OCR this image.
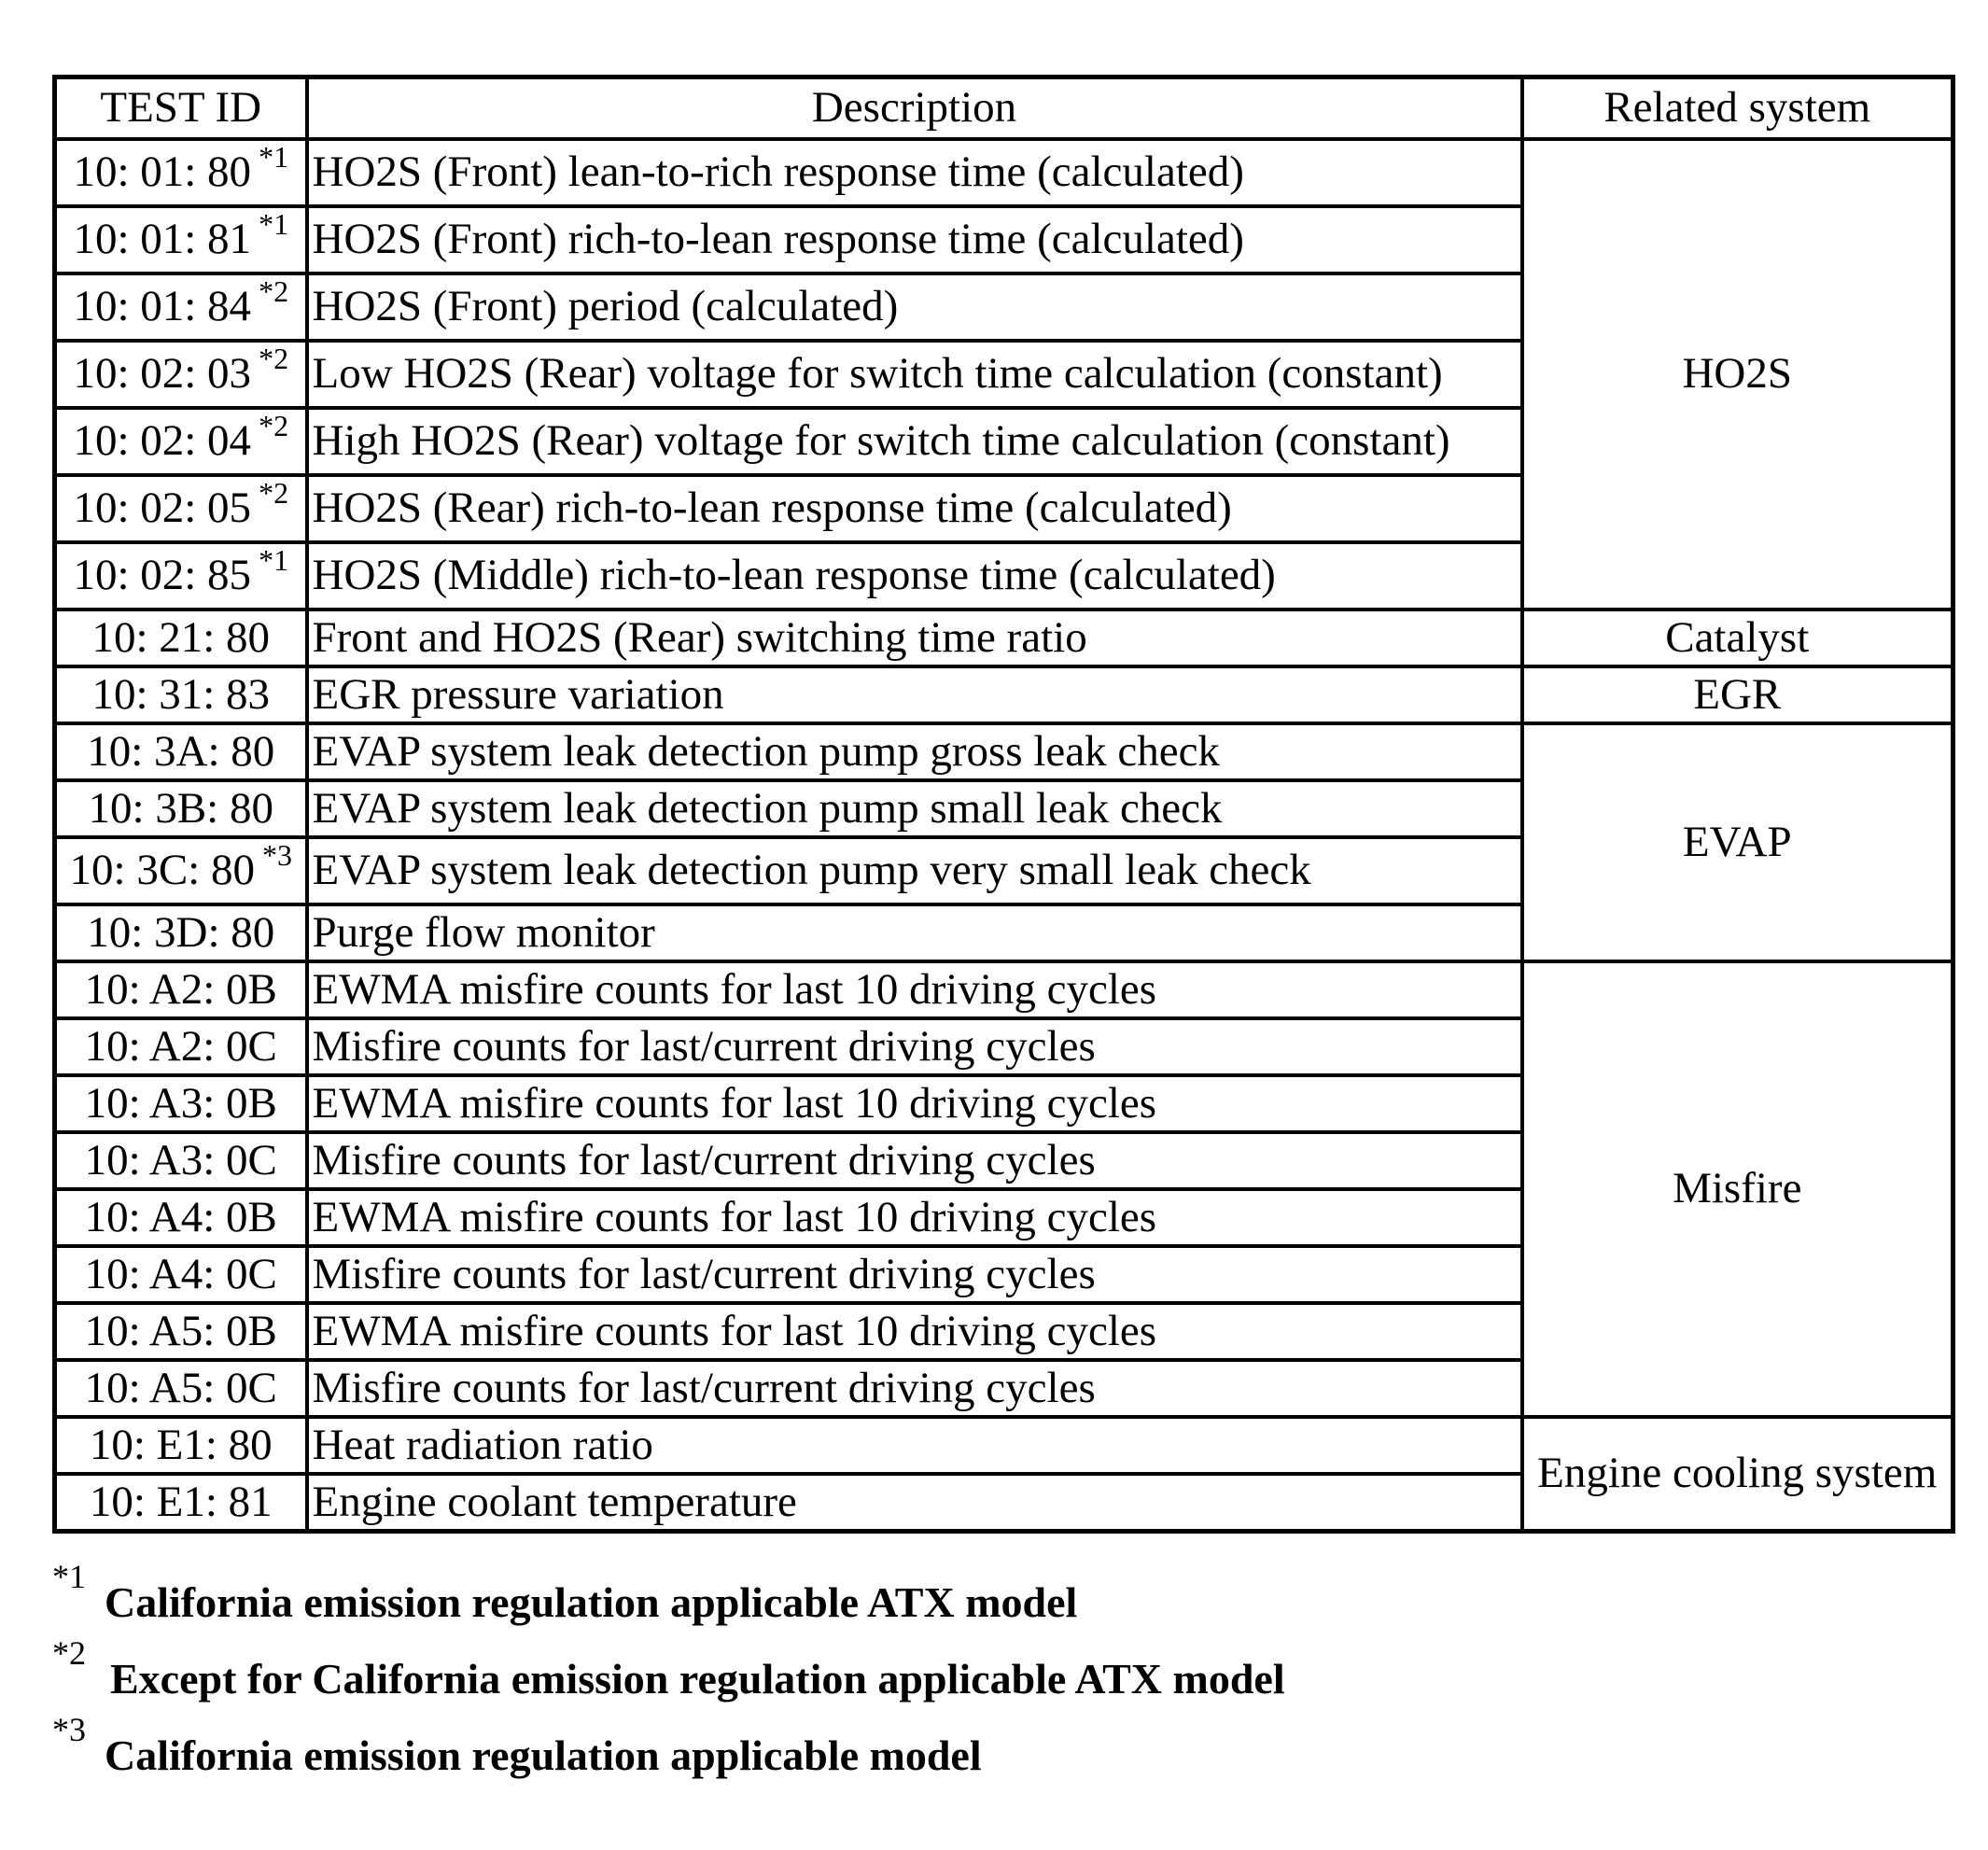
TEST ID	Description	Related system
10: 01: 80 $^{*1}$	HO2S (Front) lean-to-rich response time (calculated)	HO2S
10: 01: 81 $^{*1}$	HO2S (Front) rich-to-lean response time (calculated)	
10: 01: 84 $^{*2}$	HO2S (Front) period (calculated)	
10: 02: 03 $^{*2}$	Low HO2S (Rear) voltage for switch time calculation (constant)	
10: 02: 04 $^{*2}$	High HO2S (Rear) voltage for switch time calculation (constant)	
10: 02: 05 $^{*2}$	HO2S (Rear) rich-to-lean response time (calculated)	
10: 02: 85 $^{*1}$	HO2S (Middle) rich-to-lean response time (calculated)	
10: 21: 80	Front and HO2S (Rear) switching time ratio	Catalyst
10: 31: 83	EGR pressure variation	EGR
10: 3A: 80	EVAP system leak detection pump gross leak check	EVAP
10: 3B: 80	EVAP system leak detection pump small leak check	
10: 3C: 80 $^{*3}$	EVAP system leak detection pump very small leak check	
10: 3D: 80	Purge flow monitor	
10: A2: 0B	EWMA misfire counts for last 10 driving cycles	Misfire
10: A2: 0C	Misfire counts for last/current driving cycles	
10: A3: 0B	EWMA misfire counts for last 10 driving cycles	
10: A3: 0C	Misfire counts for last/current driving cycles	
10: A4: 0B	EWMA misfire counts for last 10 driving cycles	
10: A4: 0C	Misfire counts for last/current driving cycles	
10: A5: 0B	EWMA misfire counts for last 10 driving cycles	
10: A5: 0C	Misfire counts for last/current driving cycles	
10: E1: 80	Heat radiation ratio	Engine cooling system
10: E1: 81	Engine coolant temperature	
*1
California emission regulation applicable ATX model
*2
Except for California emission regulation applicable ATX model
*3
California emission regulation applicable model
